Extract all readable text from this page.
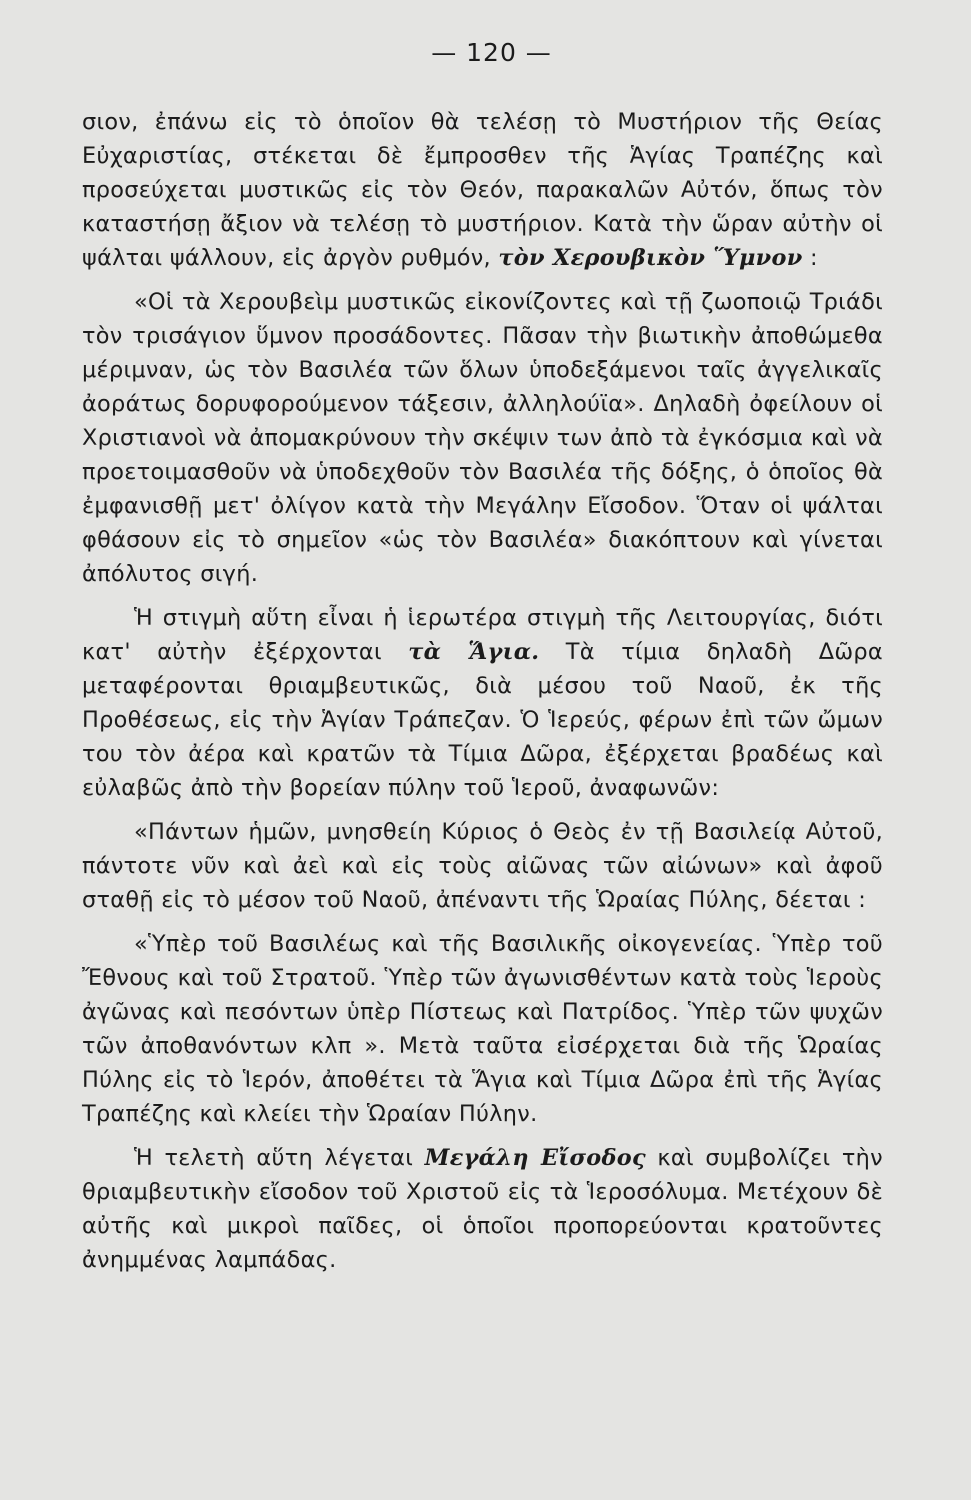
— 120 —

σιον, ἐπάνω εἰς τὸ ὁποῖον θὰ τελέσῃ τὸ Μυστήριον τῆς Θείας Εὐχαριστίας, στέκεται δὲ ἔμπροσθεν τῆς Ἁγίας Τραπέζης καὶ προσεύχεται μυστικῶς εἰς τὸν Θεόν, παρακαλῶν Αὐτόν, ὅπως τὸν καταστήσῃ ἄξιον νὰ τελέσῃ τὸ μυστήριον. Κατὰ τὴν ὥραν αὐτὴν οἱ ψάλται ψάλλουν, εἰς ἀργὸν ρυθμόν, τὸν Χερουβικὸν Ὕμνον :

«Οἱ τὰ Χερουβεὶμ μυστικῶς εἰκονίζοντες καὶ τῇ ζωοποιῷ Τριάδι τὸν τρισάγιον ὕμνον προσάδοντες. Πᾶσαν τὴν βιωτικὴν ἀποθώμεθα μέριμναν, ὡς τὸν Βασιλέα τῶν ὅλων ὑποδεξάμενοι ταῖς ἀγγελικαῖς ἀοράτως δορυφορούμενον τάξεσιν, ἀλληλούϊα». Δηλαδὴ ὀφείλουν οἱ Χριστιανοὶ νὰ ἀπομακρύνουν τὴν σκέψιν των ἀπὸ τὰ ἐγκόσμια καὶ νὰ προετοιμασθοῦν νὰ ὑποδεχθοῦν τὸν Βασιλέα τῆς δόξης, ὁ ὁποῖος θὰ ἐμφανισθῇ μετ' ὀλίγον κατὰ τὴν Μεγάλην Εἴσοδον. Ὅταν οἱ ψάλται φθάσουν εἰς τὸ σημεῖον «ὡς τὸν Βασιλέα» διακόπτουν καὶ γίνεται ἀπόλυτος σιγή.

Ἡ στιγμὴ αὕτη εἶναι ἡ ἱερωτέρα στιγμὴ τῆς Λειτουργίας, διότι κατ' αὐτὴν ἐξέρχονται τὰ Ἅγια. Τὰ τίμια δηλαδὴ Δῶρα μεταφέρονται θριαμβευτικῶς, διὰ μέσου τοῦ Ναοῦ, ἐκ τῆς Προθέσεως, εἰς τὴν Ἁγίαν Τράπεζαν. Ὁ Ἱερεύς, φέρων ἐπὶ τῶν ὤμων του τὸν ἀέρα καὶ κρατῶν τὰ Τίμια Δῶρα, ἐξέρχεται βραδέως καὶ εὐλαβῶς ἀπὸ τὴν βορείαν πύλην τοῦ Ἱεροῦ, ἀναφωνῶν:

«Πάντων ἡμῶν, μνησθείη Κύριος ὁ Θεὸς ἐν τῇ Βασιλείᾳ Αὐτοῦ, πάντοτε νῦν καὶ ἀεὶ καὶ εἰς τοὺς αἰῶνας τῶν αἰώνων» καὶ ἀφοῦ σταθῇ εἰς τὸ μέσον τοῦ Ναοῦ, ἀπέναντι τῆς Ὡραίας Πύλης, δέεται :

«Ὑπὲρ τοῦ Βασιλέως καὶ τῆς Βασιλικῆς οἰκογενείας. Ὑπὲρ τοῦ Ἔθνους καὶ τοῦ Στρατοῦ. Ὑπὲρ τῶν ἀγωνισθέντων κατὰ τοὺς Ἱεροὺς ἀγῶνας καὶ πεσόντων ὑπὲρ Πίστεως καὶ Πατρίδος. Ὑπὲρ τῶν ψυχῶν τῶν ἀποθανόντων κλπ ». Μετὰ ταῦτα εἰσέρχεται διὰ τῆς Ὡραίας Πύλης εἰς τὸ Ἱερόν, ἀποθέτει τὰ Ἅγια καὶ Τίμια Δῶρα ἐπὶ τῆς Ἁγίας Τραπέζης καὶ κλείει τὴν Ὡραίαν Πύλην.

Ἡ τελετὴ αὕτη λέγεται Μεγάλη Εἴσοδος καὶ συμβολίζει τὴν θριαμβευτικὴν εἴσοδον τοῦ Χριστοῦ εἰς τὰ Ἱεροσόλυμα. Μετέχουν δὲ αὐτῆς καὶ μικροὶ παῖδες, οἱ ὁποῖοι προπορεύονται κρατοῦντες ἀνημμένας λαμπάδας.
